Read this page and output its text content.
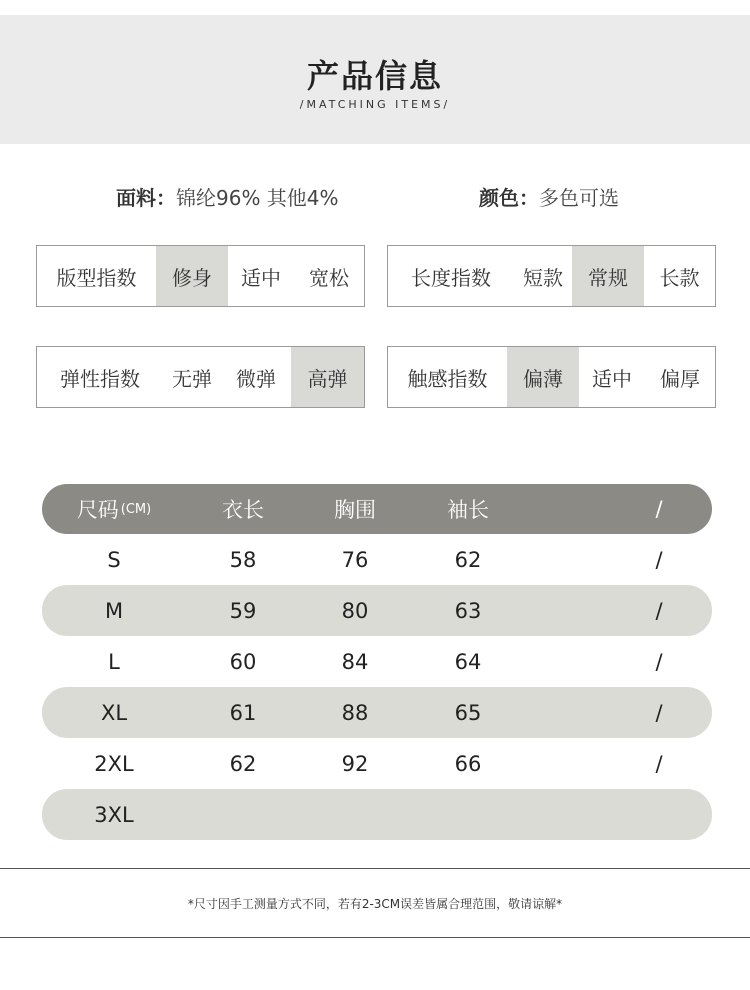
产品信息
/MATCHING ITEMS/
面料：锦纶96% 其他4%	颜色：多色可选
版型指数	修身	适中	宽松	长度指数	短款	常规	长款
弹性指数	无弹	微弹	高弹	触感指数	偏薄	适中	偏厚
尺码 (CM)	衣长	胸围	袖长	/
S	58	76	62	/
M	59	80	63	/
L	60	84	64	/
XL	61	88	65	/
2XL	62	92	66	/
3XL
*尺寸因手工测量方式不同，若有2-3CM误差皆属合理范围，敬请谅解*
